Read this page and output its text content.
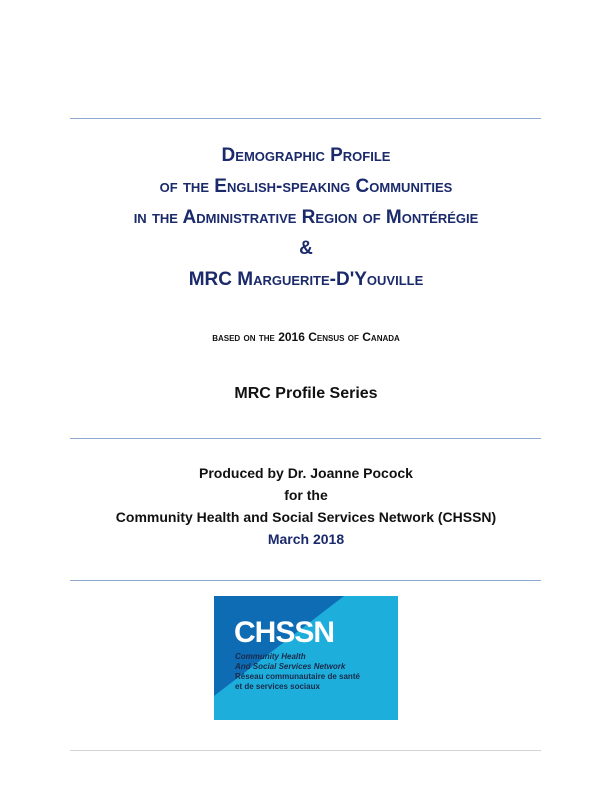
Demographic Profile
of the English-speaking Communities
in the Administrative Region of Montérégie
&
MRC Marguerite-D'Youville
based on the 2016 Census of Canada
MRC Profile Series
Produced by Dr. Joanne Pocock
for the
Community Health and Social Services Network (CHSSN)
March 2018
CHSSN
Community Health
And Social Services Network
Réseau communautaire de santé
et de services sociaux
